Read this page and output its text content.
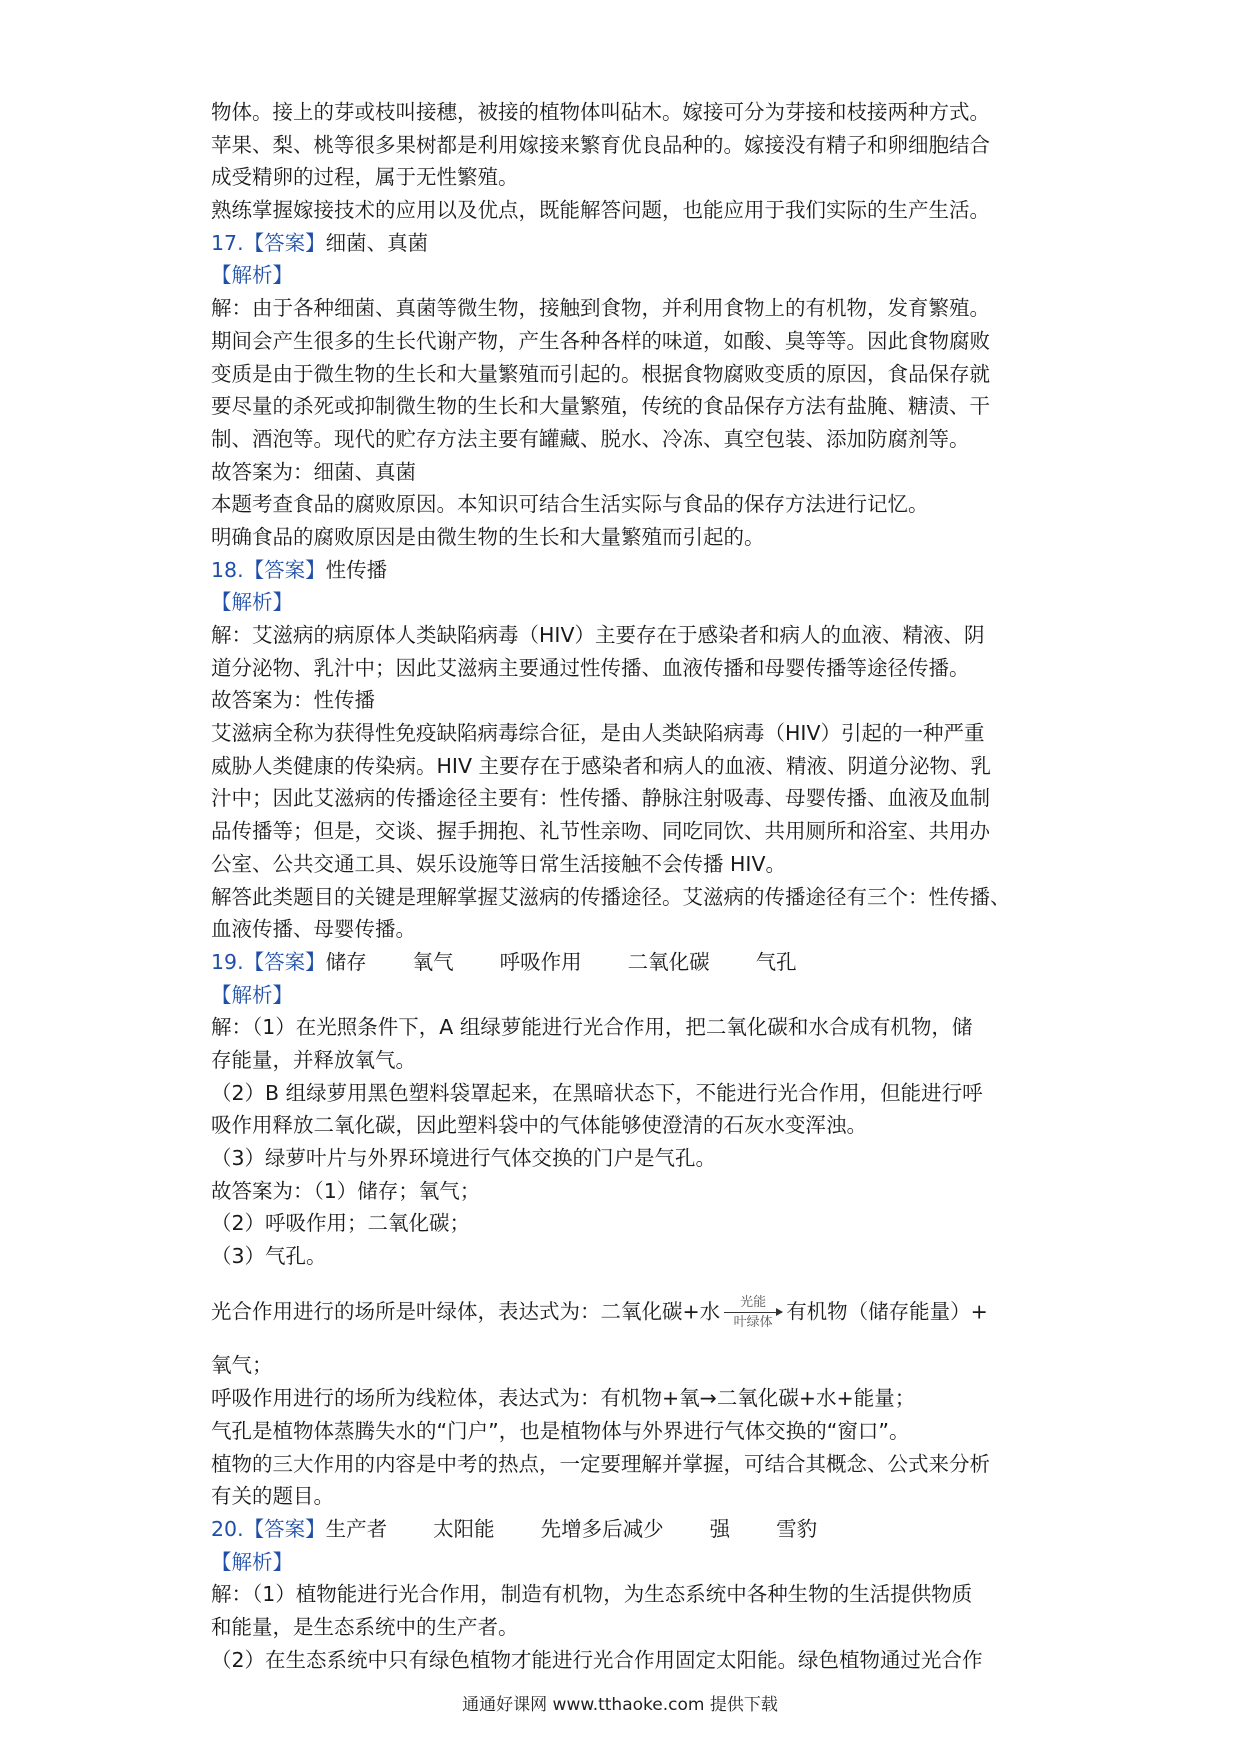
物体。接上的芽或枝叫接穗，被接的植物体叫砧木。嫁接可分为芽接和枝接两种方式。
苹果、梨、桃等很多果树都是利用嫁接来繁育优良品种的。嫁接没有精子和卵细胞结合
成受精卵的过程，属于无性繁殖。
熟练掌握嫁接技术的应用以及优点，既能解答问题，也能应用于我们实际的生产生活。
17.【答案】细菌、真菌
【解析】
解：由于各种细菌、真菌等微生物，接触到食物，并利用食物上的有机物，发育繁殖。
期间会产生很多的生长代谢产物，产生各种各样的味道，如酸、臭等等。因此食物腐败
变质是由于微生物的生长和大量繁殖而引起的。根据食物腐败变质的原因，食品保存就
要尽量的杀死或抑制微生物的生长和大量繁殖，传统的食品保存方法有盐腌、糖渍、干
制、酒泡等。现代的贮存方法主要有罐藏、脱水、冷冻、真空包装、添加防腐剂等。
故答案为：细菌、真菌
本题考查食品的腐败原因。本知识可结合生活实际与食品的保存方法进行记忆。
明确食品的腐败原因是由微生物的生长和大量繁殖而引起的。
18.【答案】性传播
【解析】
解：艾滋病的病原体人类缺陷病毒（HIV）主要存在于感染者和病人的血液、精液、阴
道分泌物、乳汁中；因此艾滋病主要通过性传播、血液传播和母婴传播等途径传播。
故答案为：性传播
艾滋病全称为获得性免疫缺陷病毒综合征，是由人类缺陷病毒（HIV）引起的一种严重
威胁人类健康的传染病。HIV 主要存在于感染者和病人的血液、精液、阴道分泌物、乳
汁中；因此艾滋病的传播途径主要有：性传播、静脉注射吸毒、母婴传播、血液及血制
品传播等；但是，交谈、握手拥抱、礼节性亲吻、同吃同饮、共用厕所和浴室、共用办
公室、公共交通工具、娱乐设施等日常生活接触不会传播 HIV。
解答此类题目的关键是理解掌握艾滋病的传播途径。艾滋病的传播途径有三个：性传播、
血液传播、母婴传播。
19.【答案】储存 氧气 呼吸作用 二氧化碳 气孔
【解析】
解：（1）在光照条件下，A 组绿萝能进行光合作用，把二氧化碳和水合成有机物，储
存能量，并释放氧气。
（2）B 组绿萝用黑色塑料袋罩起来，在黑暗状态下，不能进行光合作用，但能进行呼
吸作用释放二氧化碳，因此塑料袋中的气体能够使澄清的石灰水变浑浊。
（3）绿萝叶片与外界环境进行气体交换的门户是气孔。
故答案为：（1）储存；氧气；
（2）呼吸作用；二氧化碳；
（3）气孔。
光合作用进行的场所是叶绿体，表达式为：二氧化碳+水 光能
叶绿体 有机物（储存能量）+
氧气；
呼吸作用进行的场所为线粒体，表达式为：有机物+氧→二氧化碳+水+能量；
气孔是植物体蒸腾失水的“门户”，也是植物体与外界进行气体交换的“窗口”。
植物的三大作用的内容是中考的热点，一定要理解并掌握，可结合其概念、公式来分析
有关的题目。
20.【答案】生产者 太阳能 先增多后减少 强 雪豹
【解析】
解：（1）植物能进行光合作用，制造有机物，为生态系统中各种生物的生活提供物质
和能量，是生态系统中的生产者。
（2）在生态系统中只有绿色植物才能进行光合作用固定太阳能。绿色植物通过光合作
通通好课网 www.tthaoke.com 提供下载
